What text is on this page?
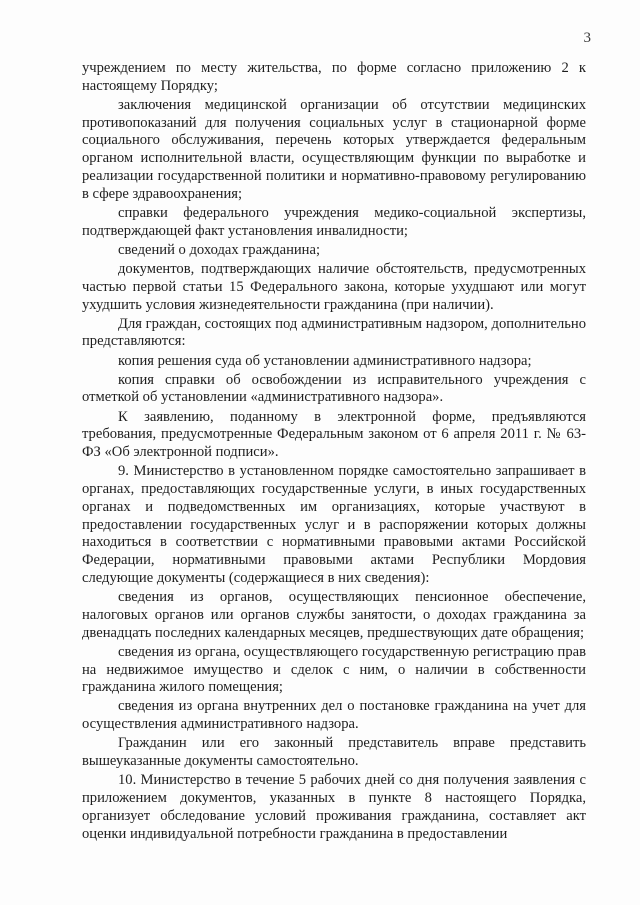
3

учреждением по месту жительства, по форме согласно приложению 2 к настоящему Порядку;

заключения медицинской организации об отсутствии медицинских противопоказаний для получения социальных услуг в стационарной форме социального обслуживания, перечень которых утверждается федеральным органом исполнительной власти, осуществляющим функции по выработке и реализации государственной политики и нормативно-правовому регулированию в сфере здравоохранения;

справки федерального учреждения медико-социальной экспертизы, подтверждающей факт установления инвалидности;

сведений о доходах гражданина;

документов, подтверждающих наличие обстоятельств, предусмотренных частью первой статьи 15 Федерального закона, которые ухудшают или могут ухудшить условия жизнедеятельности гражданина (при наличии).

Для граждан, состоящих под административным надзором, дополнительно представляются:

копия решения суда об установлении административного надзора;

копия справки об освобождении из исправительного учреждения с отметкой об установлении «административного надзора».

К заявлению, поданному в электронной форме, предъявляются требования, предусмотренные Федеральным законом от 6 апреля 2011 г. № 63-ФЗ «Об электронной подписи».

9. Министерство в установленном порядке самостоятельно запрашивает в органах, предоставляющих государственные услуги, в иных государственных органах и подведомственных им организациях, которые участвуют в предоставлении государственных услуг и в распоряжении которых должны находиться в соответствии с нормативными правовыми актами Российской Федерации, нормативными правовыми актами Республики Мордовия следующие документы (содержащиеся в них сведения):

сведения из органов, осуществляющих пенсионное обеспечение, налоговых органов или органов службы занятости, о доходах гражданина за двенадцать последних календарных месяцев, предшествующих дате обращения;

сведения из органа, осуществляющего государственную регистрацию прав на недвижимое имущество и сделок с ним, о наличии в собственности гражданина жилого помещения;

сведения из органа внутренних дел о постановке гражданина на учет для осуществления административного надзора.

Гражданин или его законный представитель вправе представить вышеуказанные документы самостоятельно.

10. Министерство в течение 5 рабочих дней со дня получения заявления с приложением документов, указанных в пункте 8 настоящего Порядка, организует обследование условий проживания гражданина, составляет акт оценки индивидуальной потребности гражданина в предоставлении
